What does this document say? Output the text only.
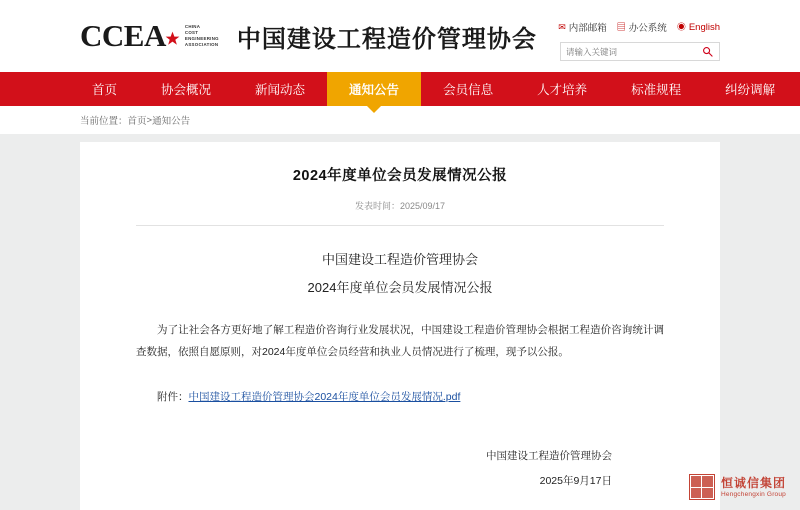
CCEA	CHINA
COST
ENGINEERING
ASSOCIATION 中国建设工程造价管理协会 ✉ 内部邮箱 ▤ 办公系统 ◉ English
请输入关键词
首页	协会概况	新闻动态	通知公告	会员信息	人才培养	标准规程	纠纷调解
当前位置： 首页 > 通知公告
2024年度单位会员发展情况公报
发表时间：2025/09/17
中国建设工程造价管理协会
2024年度单位会员发展情况公报

为了让社会各方更好地了解工程造价咨询行业发展状况，中国建设工程造价管理协会根据工程造价咨询统计调查数据，依照自愿原则，对2024年度单位会员经营和执业人员情况进行了梳理，现予以公报。

附件：中国建设工程造价管理协会2024年度单位会员发展情况.pdf
中国建设工程造价管理协会
2025年9月17日	恒诚信集团
Hengchengxin Group
